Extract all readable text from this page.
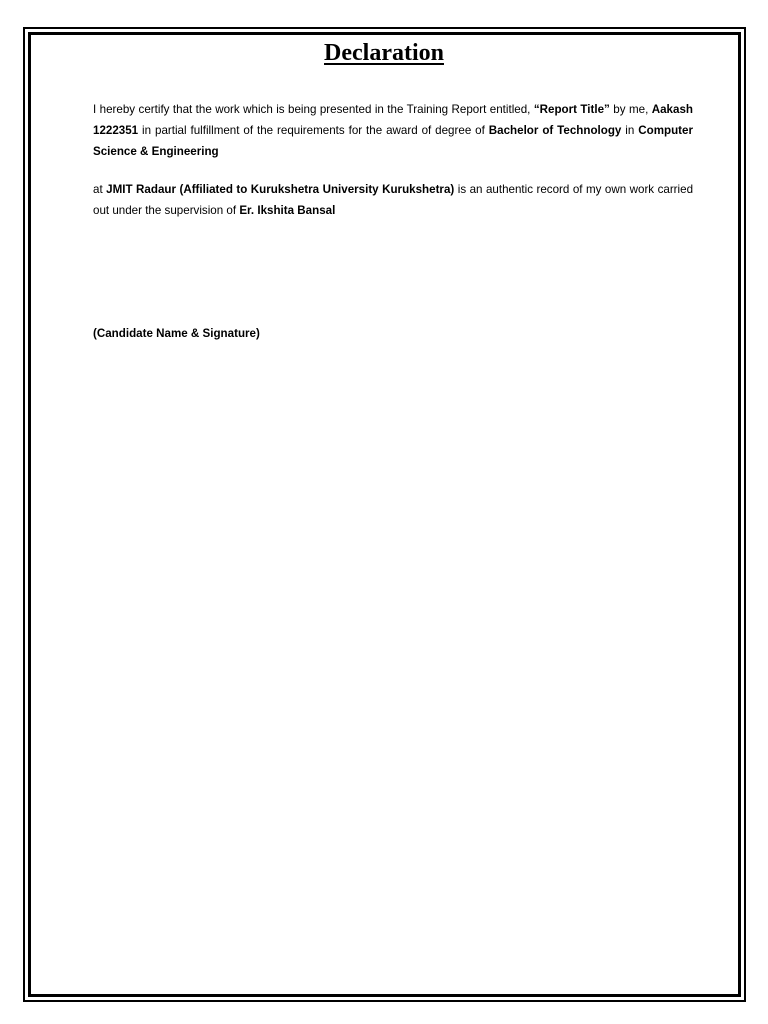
Declaration

I hereby certify that the work which is being presented in the Training Report entitled, “Report Title” by me, Aakash 1222351 in partial fulfillment of the requirements for the award of degree of Bachelor of Technology in Computer Science & Engineering

at JMIT Radaur (Affiliated to Kurukshetra University Kurukshetra) is an authentic record of my own work carried out under the supervision of Er. Ikshita Bansal

(Candidate Name & Signature)
